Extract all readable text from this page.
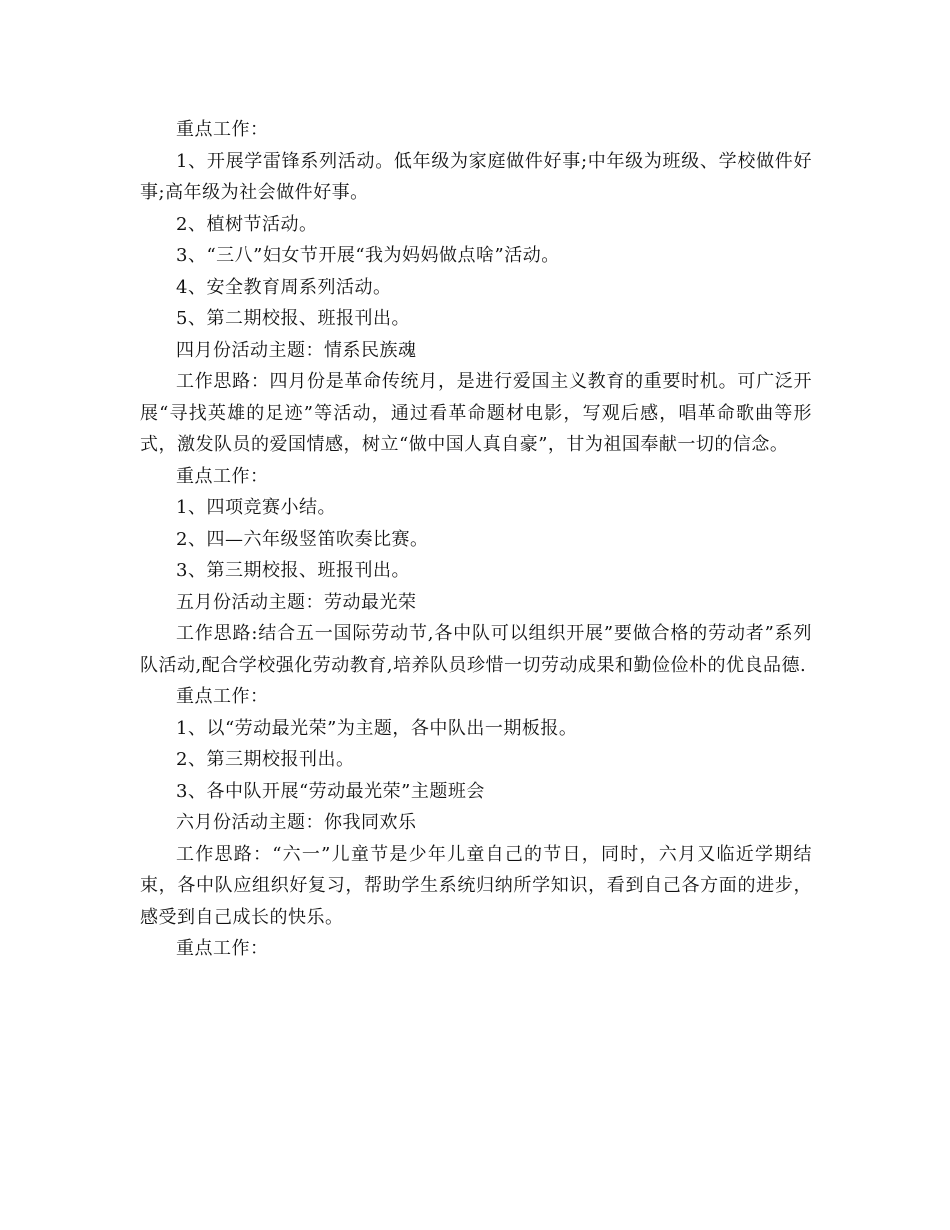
重点工作：

1、开展学雷锋系列活动。低年级为家庭做件好事;中年级为班级、学校做件好事;高年级为社会做件好事。

2、植树节活动。

3、“三八”妇女节开展“我为妈妈做点啥”活动。

4、安全教育周系列活动。

5、第二期校报、班报刊出。

四月份活动主题：情系民族魂

工作思路：四月份是革命传统月，是进行爱国主义教育的重要时机。可广泛开展“寻找英雄的足迹”等活动，通过看革命题材电影，写观后感，唱革命歌曲等形式，激发队员的爱国情感，树立“做中国人真自豪”，甘为祖国奉献一切的信念。

重点工作：

1、四项竞赛小结。

2、四—六年级竖笛吹奏比赛。

3、第三期校报、班报刊出。

五月份活动主题：劳动最光荣

工作思路:结合五一国际劳动节,各中队可以组织开展”要做合格的劳动者”系列队活动,配合学校强化劳动教育,培养队员珍惜一切劳动成果和勤俭俭朴的优良品德.

重点工作：

1、以“劳动最光荣”为主题，各中队出一期板报。

2、第三期校报刊出。

3、各中队开展“劳动最光荣”主题班会

六月份活动主题：你我同欢乐

工作思路：“六一”儿童节是少年儿童自己的节日，同时，六月又临近学期结束，各中队应组织好复习，帮助学生系统归纳所学知识，看到自己各方面的进步，感受到自己成长的快乐。

重点工作：
